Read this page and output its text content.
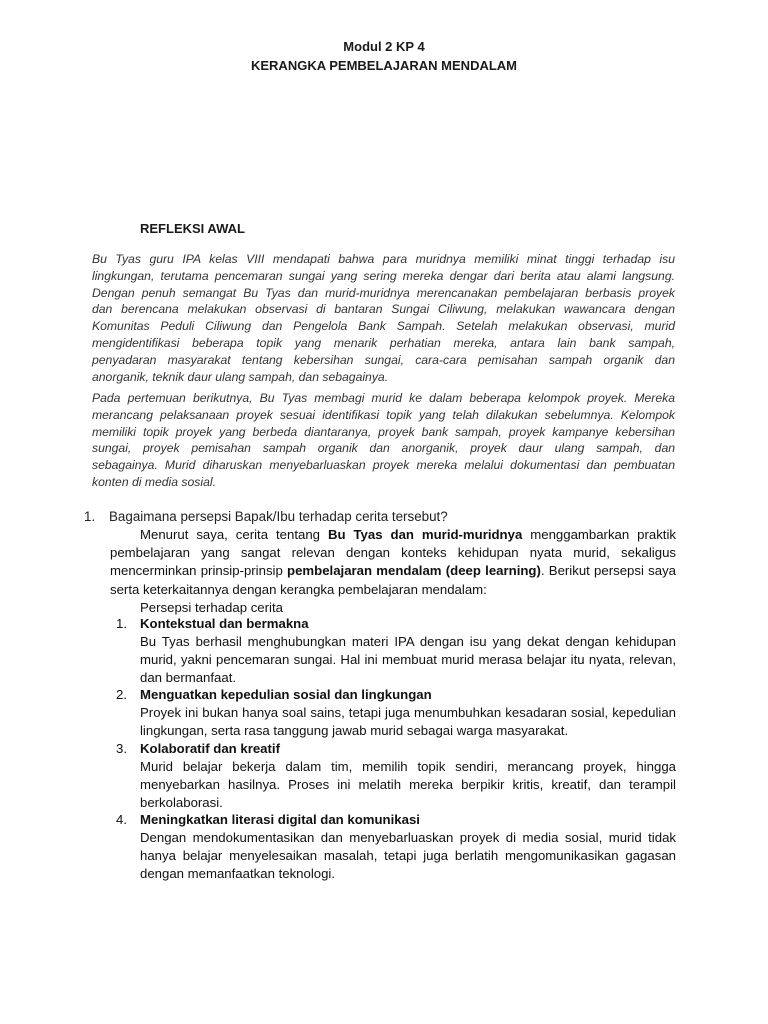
Modul 2 KP 4
KERANGKA PEMBELAJARAN MENDALAM
REFLEKSI AWAL
Bu Tyas guru IPA kelas VIII mendapati bahwa para muridnya memiliki minat tinggi terhadap isu
lingkungan, terutama pencemaran sungai yang sering mereka dengar dari berita atau alami langsung.
Dengan penuh semangat Bu Tyas dan murid-muridnya merencanakan pembelajaran berbasis proyek
dan berencana melakukan observasi di bantaran Sungai Ciliwung, melakukan wawancara dengan
Komunitas Peduli Ciliwung dan Pengelola Bank Sampah. Setelah melakukan observasi, murid
mengidentifikasi beberapa topik yang menarik perhatian mereka, antara lain bank sampah,
penyadaran masyarakat tentang kebersihan sungai, cara-cara pemisahan sampah organik dan
anorganik, teknik daur ulang sampah, dan sebagainya.
Pada pertemuan berikutnya, Bu Tyas membagi murid ke dalam beberapa kelompok proyek. Mereka
merancang pelaksanaan proyek sesuai identifikasi topik yang telah dilakukan sebelumnya. Kelompok
memiliki topik proyek yang berbeda diantaranya, proyek bank sampah, proyek kampanye kebersihan
sungai, proyek pemisahan sampah organik dan anorganik, proyek daur ulang sampah, dan
sebagainya. Murid diharuskan menyebarluaskan proyek mereka melalui dokumentasi dan pembuatan
konten di media sosial.
1.	Bagaimana persepsi Bapak/Ibu terhadap cerita tersebut?

Menurut saya, cerita tentang Bu Tyas dan murid-muridnya menggambarkan praktik pembelajaran yang sangat relevan dengan konteks kehidupan nyata murid, sekaligus mencerminkan prinsip-prinsip pembelajaran mendalam (deep learning). Berikut persepsi saya serta keterkaitannya dengan kerangka pembelajaran mendalam:

Persepsi terhadap cerita
1. Kontekstual dan bermakna

Bu Tyas berhasil menghubungkan materi IPA dengan isu yang dekat dengan kehidupan murid, yakni pencemaran sungai. Hal ini membuat murid merasa belajar itu nyata, relevan, dan bermanfaat.

2. Menguatkan kepedulian sosial dan lingkungan

Proyek ini bukan hanya soal sains, tetapi juga menumbuhkan kesadaran sosial, kepedulian lingkungan, serta rasa tanggung jawab murid sebagai warga masyarakat.

3. Kolaboratif dan kreatif

Murid belajar bekerja dalam tim, memilih topik sendiri, merancang proyek, hingga menyebarkan hasilnya. Proses ini melatih mereka berpikir kritis, kreatif, dan terampil berkolaborasi.

4. Meningkatkan literasi digital dan komunikasi

Dengan mendokumentasikan dan menyebarluaskan proyek di media sosial, murid tidak hanya belajar menyelesaikan masalah, tetapi juga berlatih mengomunikasikan gagasan dengan memanfaatkan teknologi.
